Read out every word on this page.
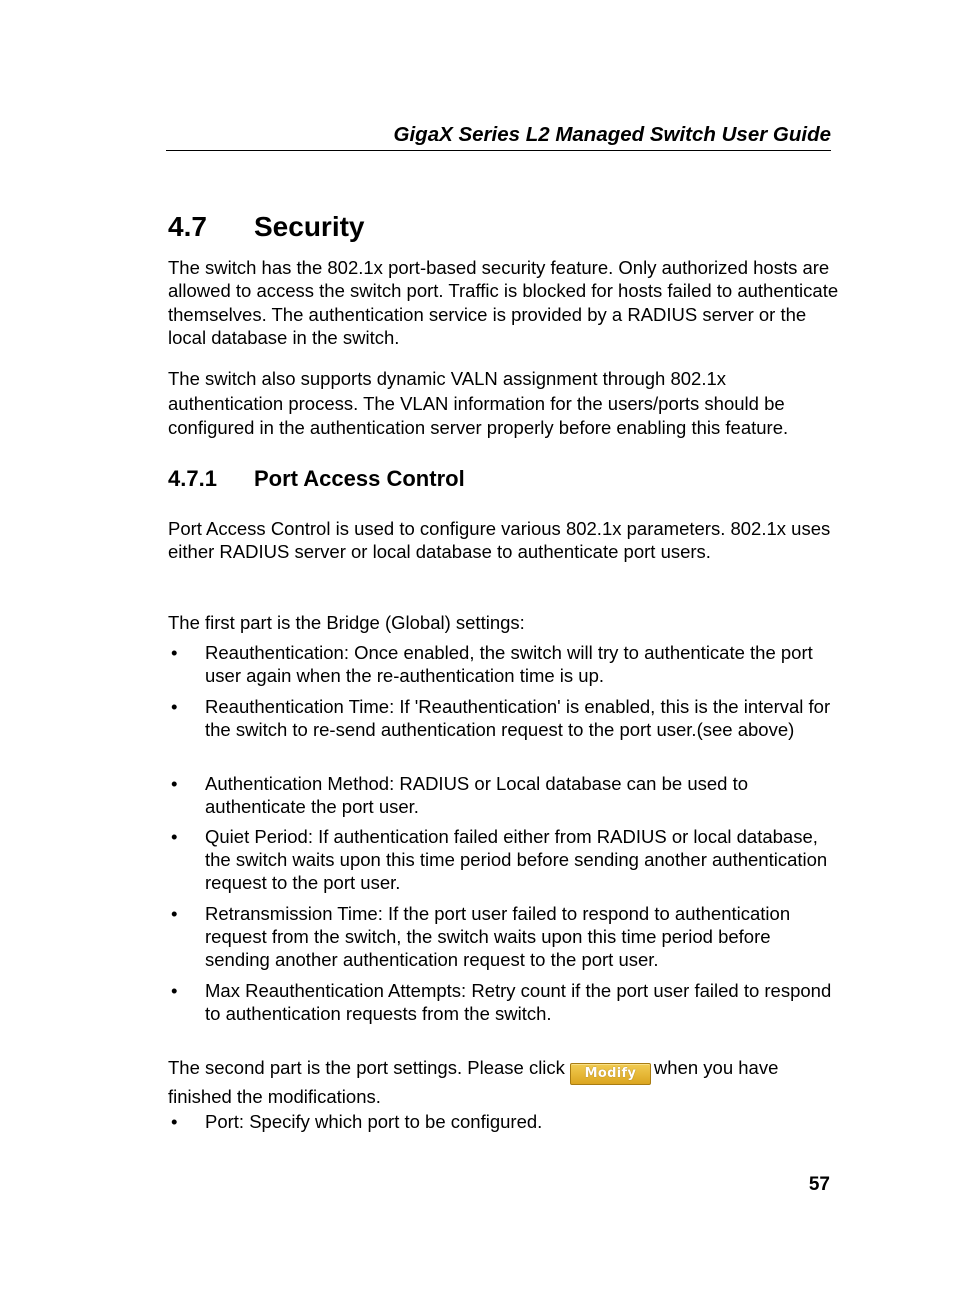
GigaX Series L2 Managed Switch User Guide
4.7 Security

The switch has the 802.1x port-based security feature. Only authorized hosts are allowed to access the switch port. Traffic is blocked for hosts failed to authenticate themselves. The authentication service is provided by a RADIUS server or the local database in the switch.

The switch also supports dynamic VALN assignment through 802.1x authentication process. The VLAN information for the users/ports should be configured in the authentication server properly before enabling this feature.

4.7.1 Port Access Control

Port Access Control is used to configure various 802.1x parameters. 802.1x uses either RADIUS server or local database to authenticate port users.

The first part is the Bridge (Global) settings:

• Reauthentication: Once enabled, the switch will try to authenticate the port user again when the re-authentication time is up.
• Reauthentication Time: If 'Reauthentication' is enabled, this is the interval for the switch to re-send authentication request to the port user.(see above)
• Authentication Method: RADIUS or Local database can be used to authenticate the port user.
• Quiet Period: If authentication failed either from RADIUS or local database, the switch waits upon this time period before sending another authentication request to the port user.
• Retransmission Time: If the port user failed to respond to authentication request from the switch, the switch waits upon this time period before sending another authentication request to the port user.
• Max Reauthentication Attempts: Retry count if the port user failed to respond to authentication requests from the switch.

The second part is the port settings. Please click Modify when you have finished the modifications.

• Port: Specify which port to be configured.
57
